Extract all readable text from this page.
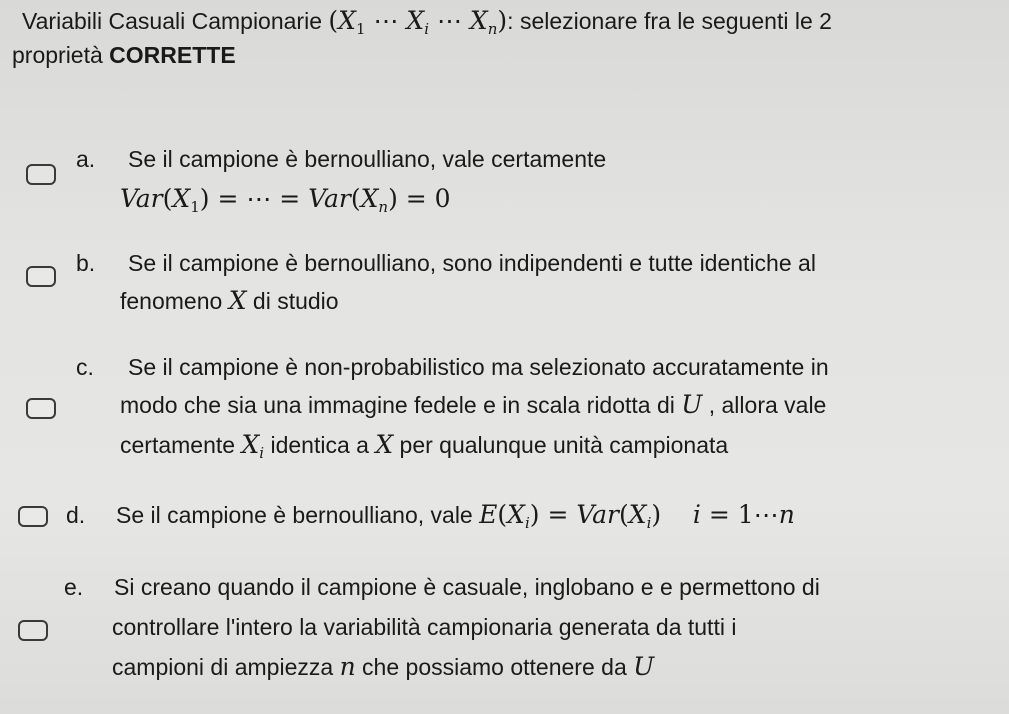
Variabili Casuali Campionarie ($X_1$ ⋯ $X_i$ ⋯ $X_n$): selezionare fra le seguenti le 2
proprietà CORRETTE
a. Se il campione è bernoulliano, vale certamente
$Var(X_1)$ = ⋯ = $Var(X_n) = 0$
b. Se il campione è bernoulliano, sono indipendenti e tutte identiche al
fenomeno X di studio
c. Se il campione è non-probabilistico ma selezionato accuratamente in
modo che sia una immagine fedele e in scala ridotta di U , allora vale
certamente $X_i$ identica a X per qualunque unità campionata
d. Se il campione è bernoulliano, vale $E(X_i) = Var(X_i)$    i = 1⋯n
e. Si creano quando il campione è casuale, inglobano e e permettono di
controllare l'intero la variabilità campionaria generata da tutti i
campioni di ampiezza n che possiamo ottenere da U
